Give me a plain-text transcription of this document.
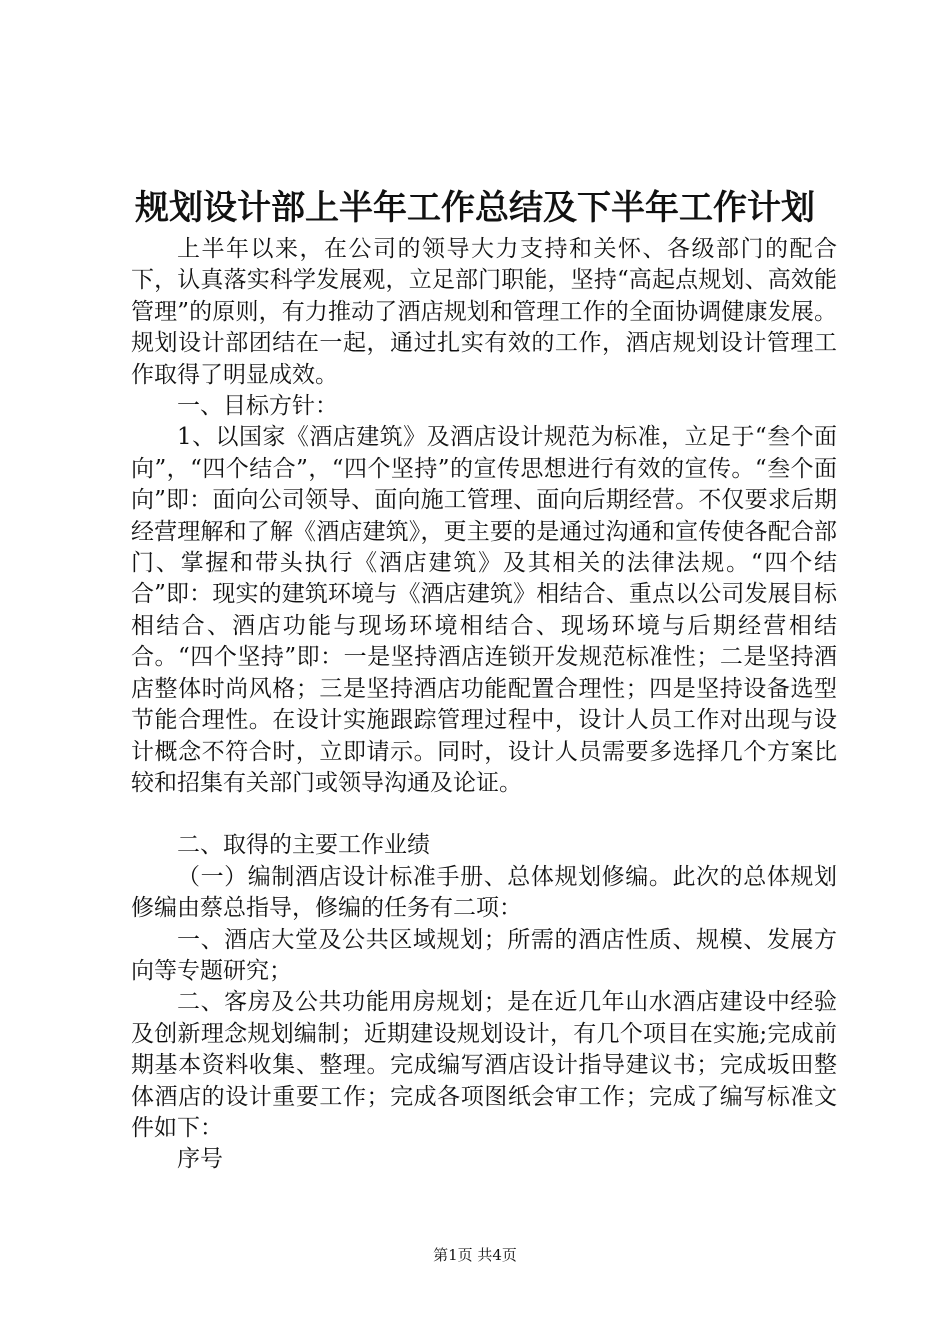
规划设计部上半年工作总结及下半年工作计划

上半年以来，在公司的领导大力支持和关怀、各级部门的配合下，认真落实科学发展观，立足部门职能，坚持“高起点规划、高效能管理”的原则，有力推动了酒店规划和管理工作的全面协调健康发展。规划设计部团结在一起，通过扎实有效的工作，酒店规划设计管理工作取得了明显成效。

一、目标方针：

1、以国家《酒店建筑》及酒店设计规范为标准，立足于“叁个面向”，“四个结合”，“四个坚持”的宣传思想进行有效的宣传。“叁个面向”即：面向公司领导、面向施工管理、面向后期经营。不仅要求后期经营理解和了解《酒店建筑》，更主要的是通过沟通和宣传使各配合部门、掌握和带头执行《酒店建筑》及其相关的法律法规。“四个结合”即：现实的建筑环境与《酒店建筑》相结合、重点以公司发展目标相结合、酒店功能与现场环境相结合、现场环境与后期经营相结合。“四个坚持”即：一是坚持酒店连锁开发规范标准性；二是坚持酒店整体时尚风格；三是坚持酒店功能配置合理性；四是坚持设备选型节能合理性。在设计实施跟踪管理过程中，设计人员工作对出现与设计概念不符合时，立即请示。同时，设计人员需要多选择几个方案比较和招集有关部门或领导沟通及论证。

二、取得的主要工作业绩

（一）编制酒店设计标准手册、总体规划修编。此次的总体规划修编由蔡总指导，修编的任务有二项：

一、酒店大堂及公共区域规划；所需的酒店性质、规模、发展方向等专题研究；

二、客房及公共功能用房规划；是在近几年山水酒店建设中经验及创新理念规划编制；近期建设规划设计，有几个项目在实施;完成前期基本资料收集、整理。完成编写酒店设计指导建议书；完成坂田整体酒店的设计重要工作；完成各项图纸会审工作；完成了编写标准文件如下：

序号

第1页 共4页
